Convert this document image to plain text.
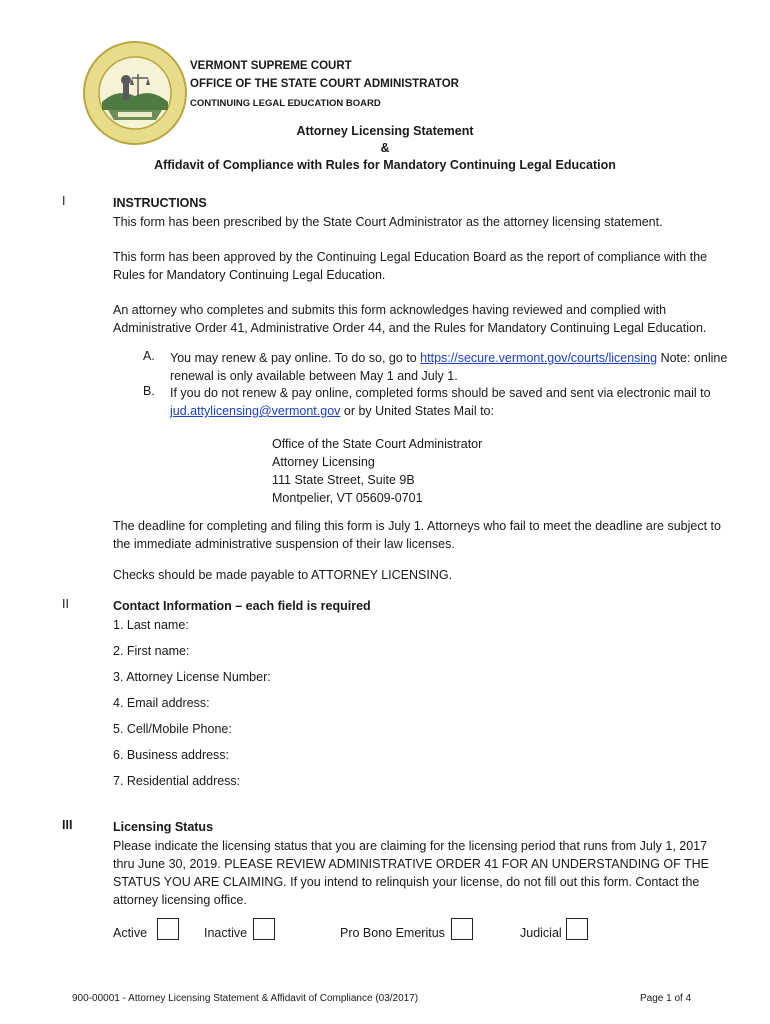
VERMONT SUPREME COURT
OFFICE OF THE STATE COURT ADMINISTRATOR
CONTINUING LEGAL EDUCATION BOARD
Attorney Licensing Statement
&
Affidavit of Compliance with Rules for Mandatory Continuing Legal Education
I	INSTRUCTIONS
This form has been prescribed by the State Court Administrator as the attorney licensing statement.
This form has been approved by the Continuing Legal Education Board as the report of compliance with the Rules for Mandatory Continuing Legal Education.
An attorney who completes and submits this form acknowledges having reviewed and complied with Administrative Order 41, Administrative Order 44, and the Rules for Mandatory Continuing Legal Education.
A. You may renew & pay online. To do so, go to https://secure.vermont.gov/courts/licensing Note: online renewal is only available between May 1 and July 1.
B. If you do not renew & pay online, completed forms should be saved and sent via electronic mail to jud.attylicensing@vermont.gov or by United States Mail to:
Office of the State Court Administrator
Attorney Licensing
111 State Street, Suite 9B
Montpelier, VT 05609-0701
The deadline for completing and filing this form is July 1. Attorneys who fail to meet the deadline are subject to the immediate administrative suspension of their law licenses.
Checks should be made payable to ATTORNEY LICENSING.
II	Contact Information – each field is required
1. Last name:
2. First name:
3. Attorney License Number:
4. Email address:
5. Cell/Mobile Phone:
6. Business address:
7. Residential address:
III	Licensing Status
Please indicate the licensing status that you are claiming for the licensing period that runs from July 1, 2017 thru June 30, 2019. PLEASE REVIEW ADMINISTRATIVE ORDER 41 FOR AN UNDERSTANDING OF THE STATUS YOU ARE CLAIMING. If you intend to relinquish your license, do not fill out this form. Contact the attorney licensing office.
Active	Inactive	Pro Bono Emeritus	Judicial
900-00001 - Attorney Licensing Statement & Affidavit of Compliance (03/2017)	Page 1 of 4
